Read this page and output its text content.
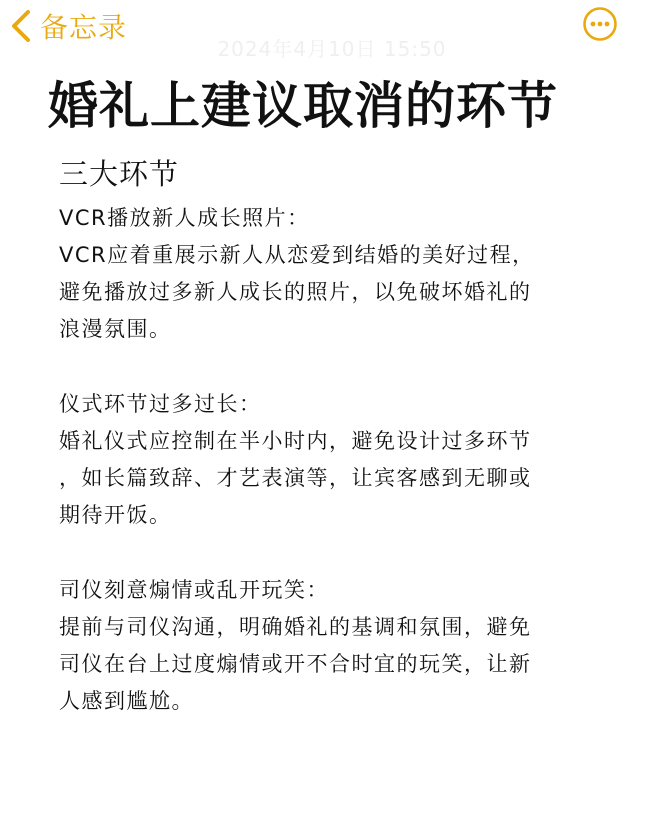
备忘录
2024年4月10日 15:50
婚礼上建议取消的环节
三大环节
VCR播放新人成长照片：
VCR应着重展示新人从恋爱到结婚的美好过程，
避免播放过多新人成长的照片，以免破坏婚礼的
浪漫氛围。
仪式环节过多过长：
婚礼仪式应控制在半小时内，避免设计过多环节
，如长篇致辞、才艺表演等，让宾客感到无聊或
期待开饭。
司仪刻意煽情或乱开玩笑：
提前与司仪沟通，明确婚礼的基调和氛围，避免
司仪在台上过度煽情或开不合时宜的玩笑，让新
人感到尴尬。
